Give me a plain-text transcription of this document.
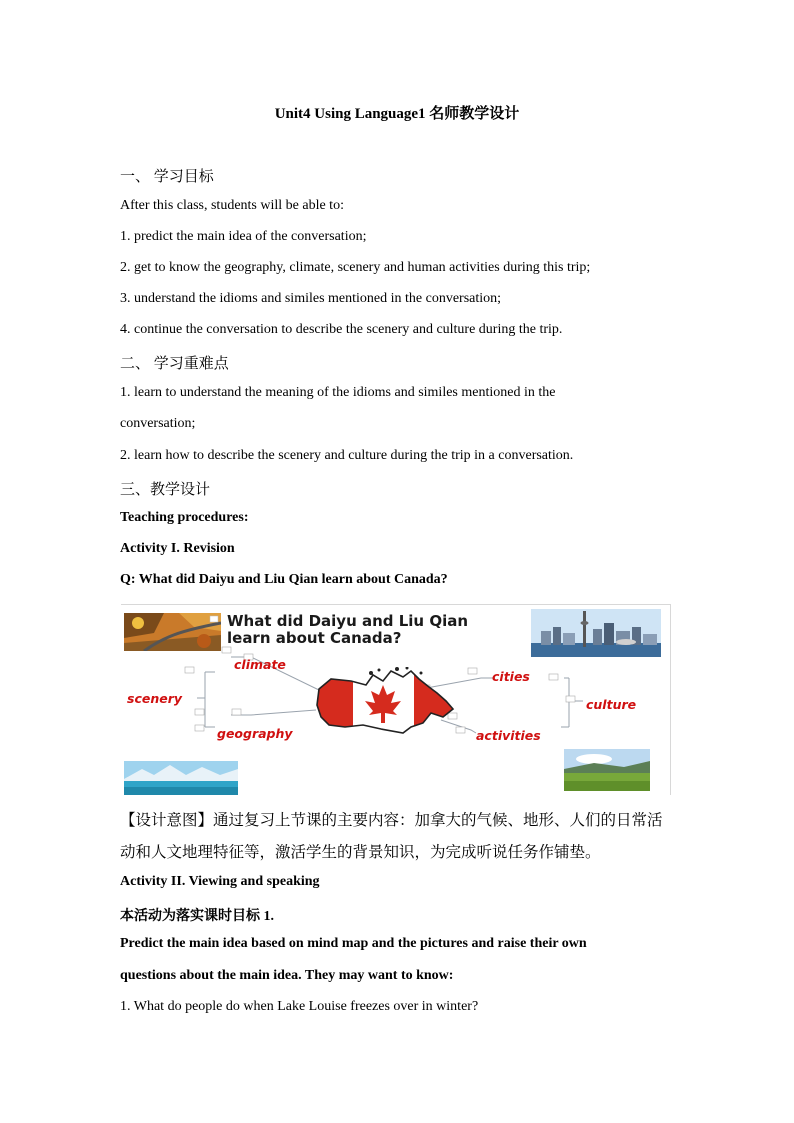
Unit4 Using Language1 名师教学设计
一、 学习目标
After this class, students will be able to:
1. predict the main idea of the conversation;
2. get to know the geography, climate, scenery and human activities during this trip;
3. understand the idioms and similes mentioned in the conversation;
4. continue the conversation to describe the scenery and culture during the trip.
二、 学习重难点
1. learn to understand the meaning of the idioms and similes mentioned in the
conversation;
2. learn how to describe the scenery and culture during the trip in a conversation.
三、教学设计
Teaching procedures:
Activity I. Revision
Q: What did Daiyu and Liu Qian learn about Canada?
What did Daiyu and Liu Qian
learn about Canada?
climate
scenery
geography
cities
culture
activities
【设计意图】通过复习上节课的主要内容：加拿大的气候、地形、人们的日常活
动和人文地理特征等，激活学生的背景知识，为完成听说任务作铺垫。
Activity II. Viewing and speaking
本活动为落实课时目标 1.
Predict the main idea based on mind map and the pictures and raise their own
questions about the main idea. They may want to know:
1. What do people do when Lake Louise freezes over in winter?
